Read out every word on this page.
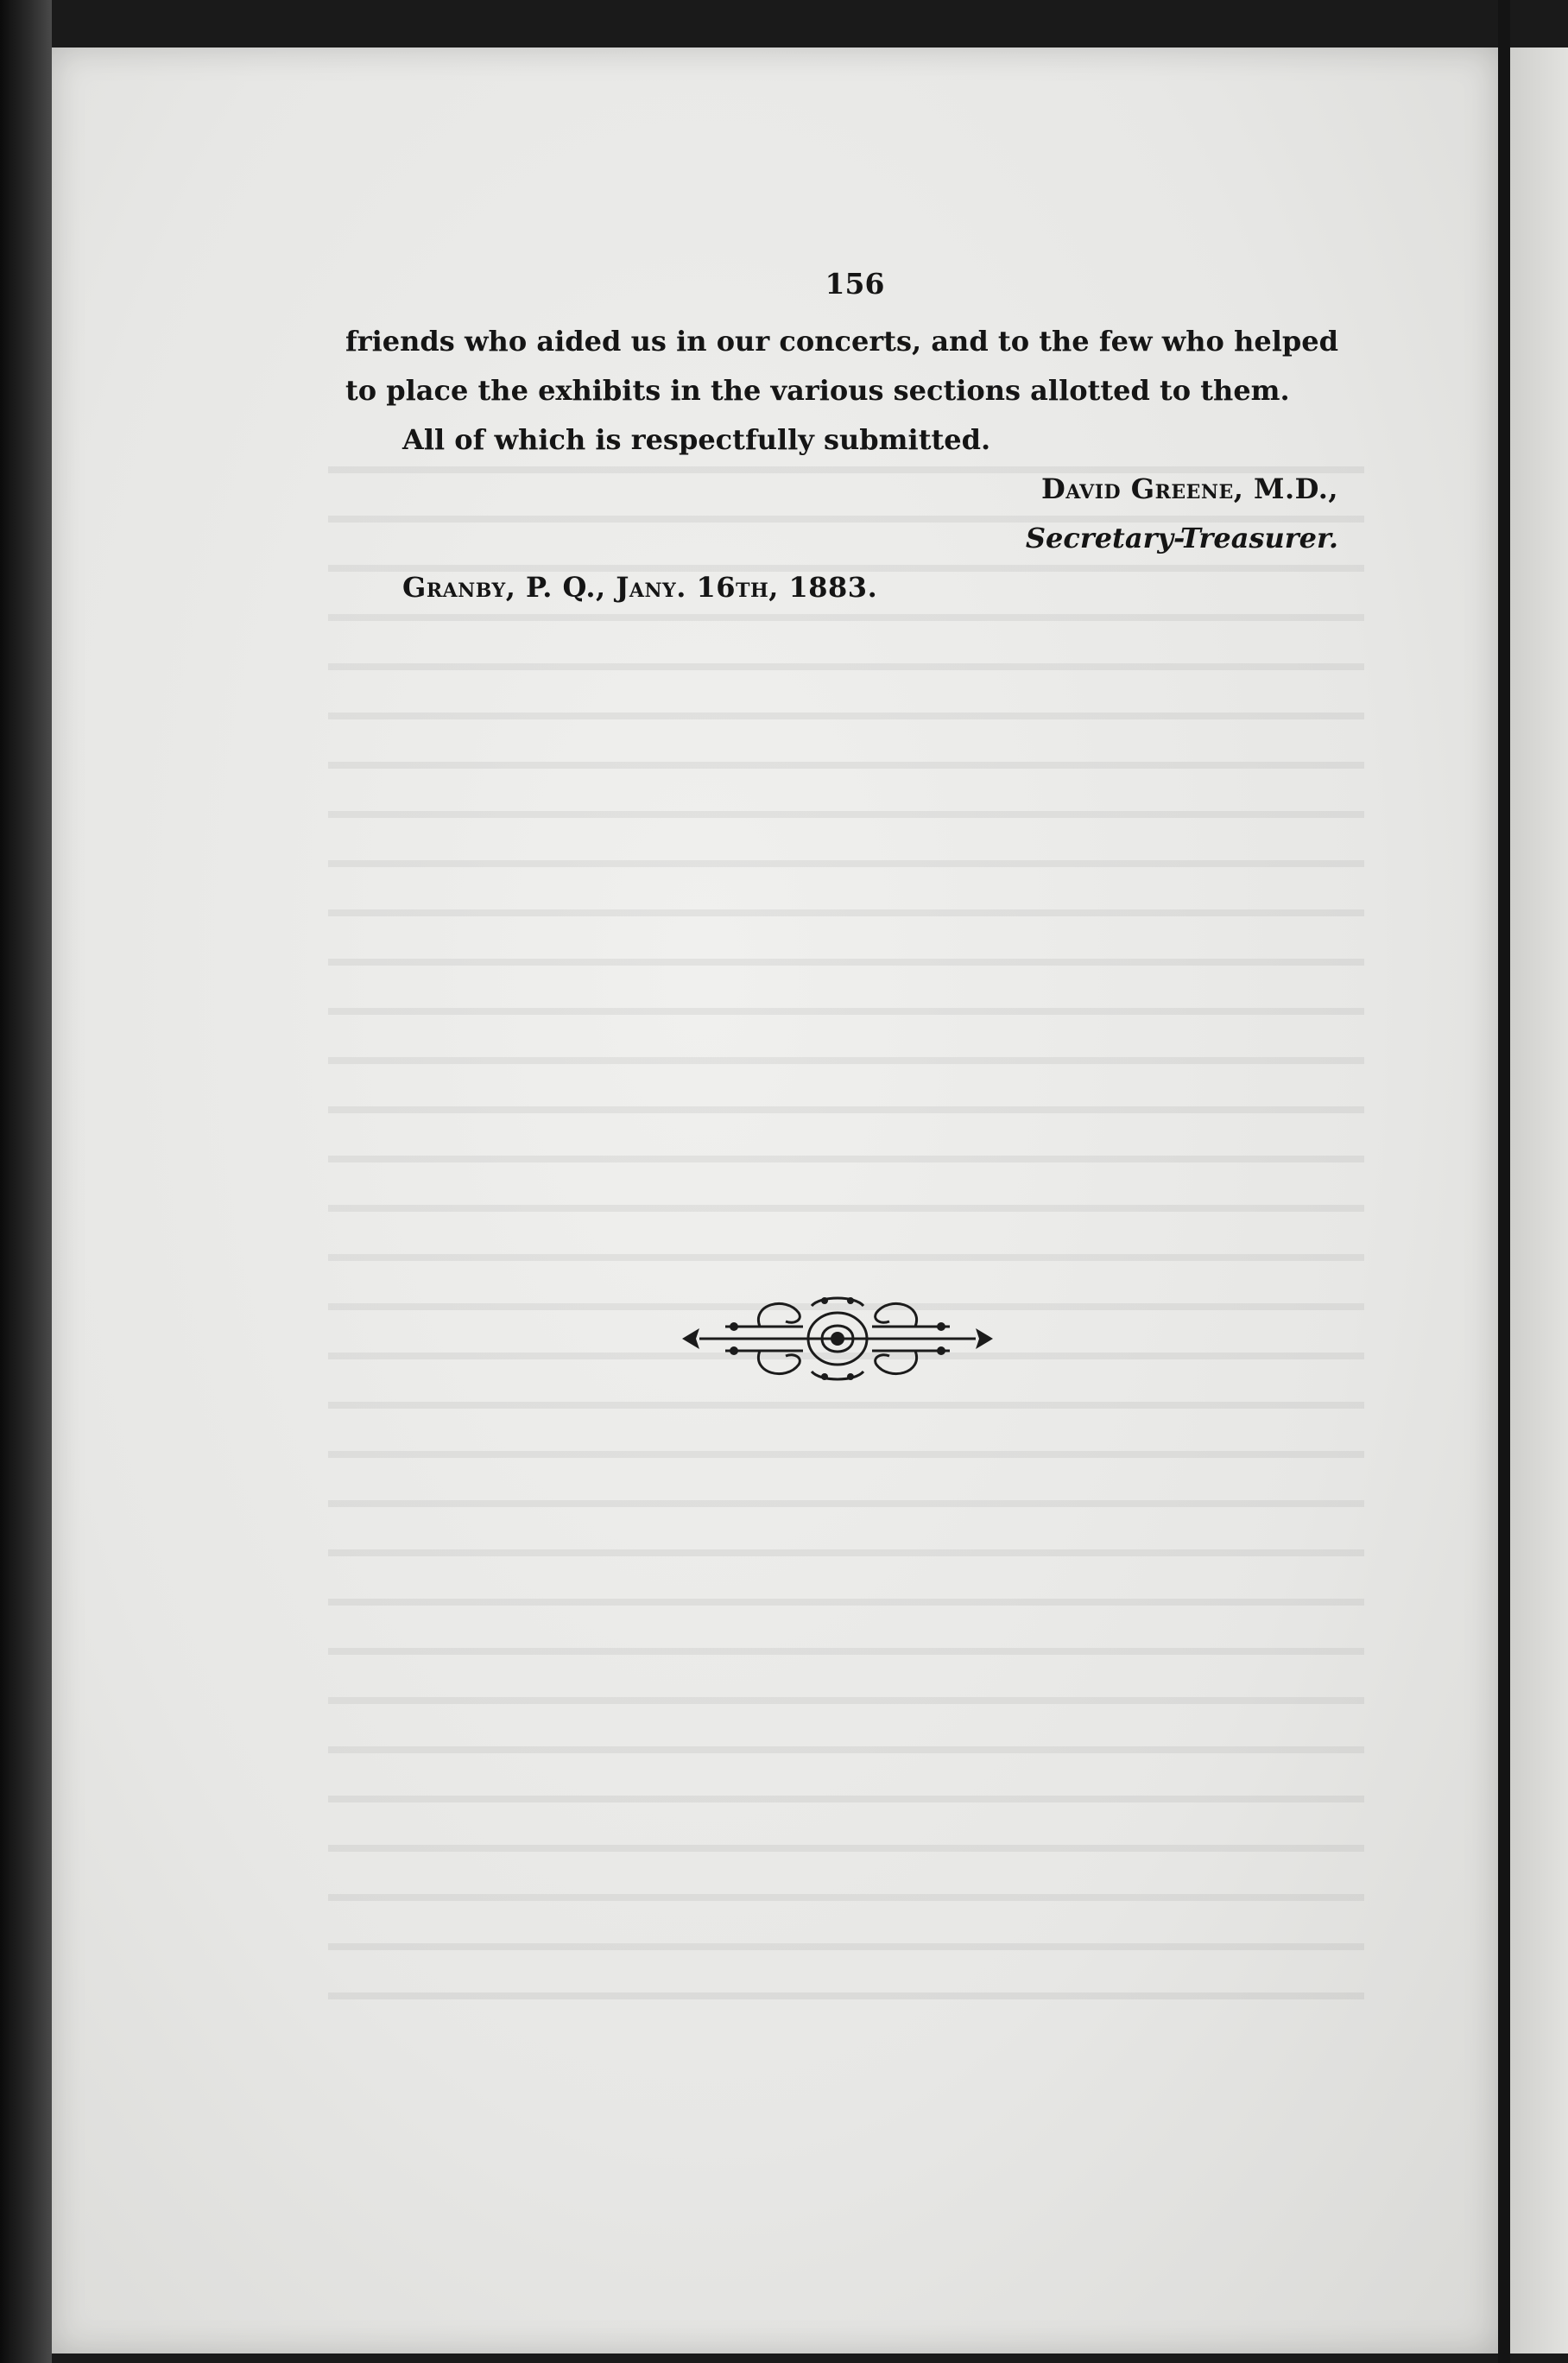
156
friends who aided us in our concerts, and to the few who helped
to place the exhibits in the various sections allotted to them.
All of which is respectfully submitted.
David Greene, M.D.,
Secretary-Treasurer.
Granby, P. Q., Jany. 16th, 1883.
